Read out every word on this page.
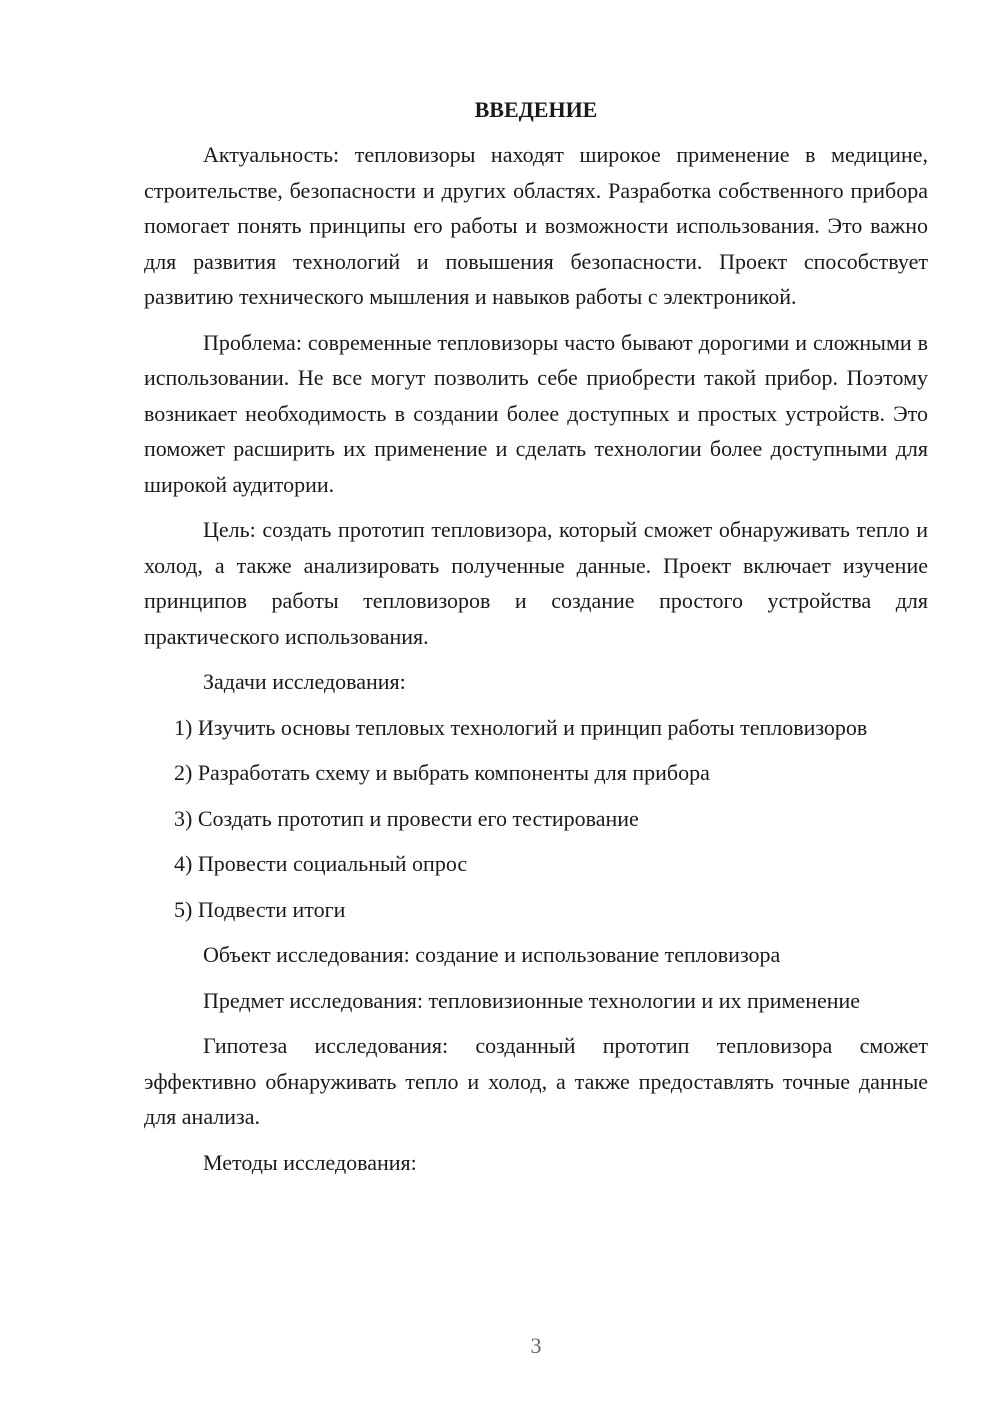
ВВЕДЕНИЕ

Актуальность: тепловизоры находят широкое применение в медицине, строительстве, безопасности и других областях. Разработка собственного прибора помогает понять принципы его работы и возможности использования. Это важно для развития технологий и повышения безопасности. Проект способствует развитию технического мышления и навыков работы с электроникой.

Проблема: современные тепловизоры часто бывают дорогими и сложными в использовании. Не все могут позволить себе приобрести такой прибор. Поэтому возникает необходимость в создании более доступных и простых устройств. Это поможет расширить их применение и сделать технологии более доступными для широкой аудитории.

Цель: создать прототип тепловизора, который сможет обнаруживать тепло и холод, а также анализировать полученные данные. Проект включает изучение принципов работы тепловизоров и создание простого устройства для практического использования.

Задачи исследования:

1) Изучить основы тепловых технологий и принцип работы тепловизоров

2) Разработать схему и выбрать компоненты для прибора

3) Создать прототип и провести его тестирование

4) Провести социальный опрос

5) Подвести итоги

Объект исследования: создание и использование тепловизора

Предмет исследования: тепловизионные технологии и их применение

Гипотеза исследования: созданный прототип тепловизора сможет эффективно обнаруживать тепло и холод, а также предоставлять точные данные для анализа.

Методы исследования:

3
